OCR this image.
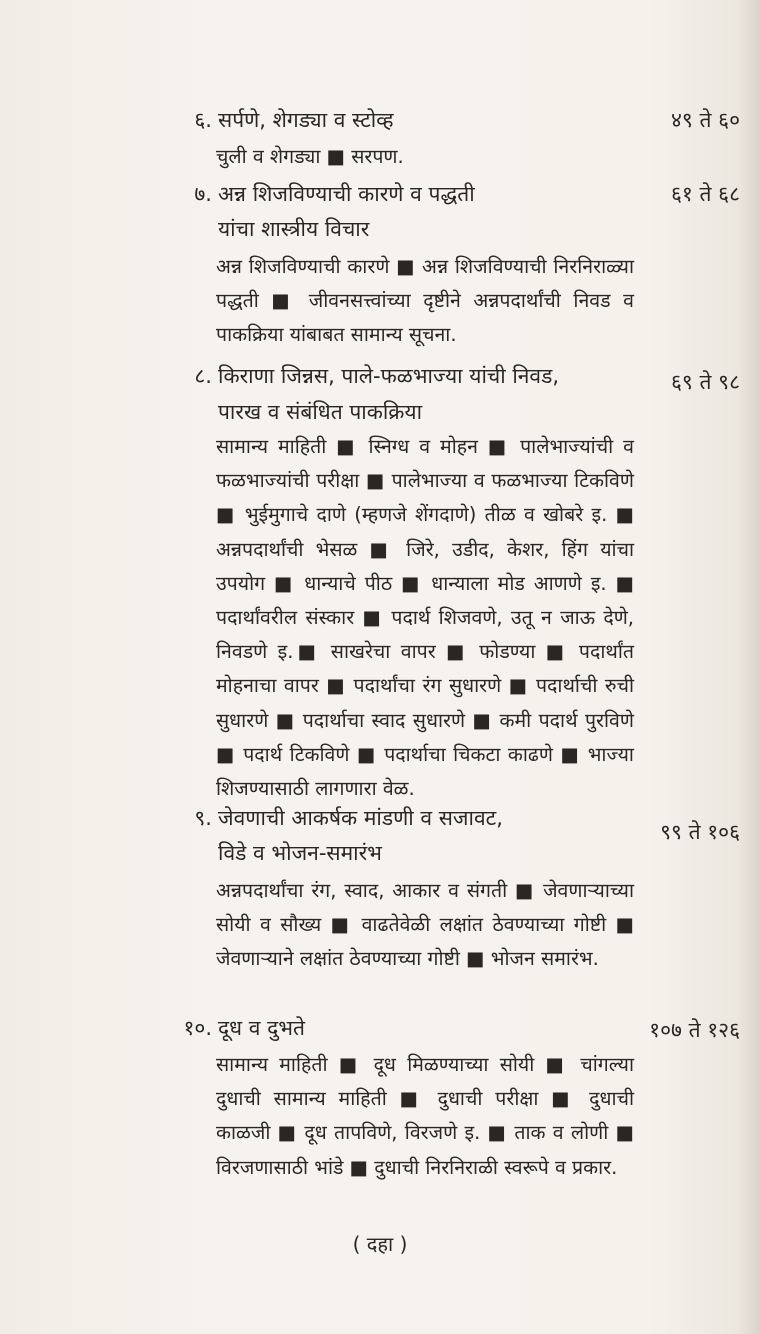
६. सर्पणे, शेगड्या व स्टोव्ह	४९ ते ६०
चुली व शेगड्या ■ सरपण.
७. अन्न शिजविण्याची कारणे व पद्धती
यांचा शास्त्रीय विचार
६१ ते ६८
अन्न शिजविण्याची कारणे ■ अन्न शिजविण्याची निरनिराळ्या पद्धती ■ जीवनसत्त्वांच्या दृष्टीने अन्नपदार्थांची निवड व पाकक्रिया यांबाबत सामान्य सूचना.
८. किराणा जिन्नस, पाले-फळभाज्या यांची निवड,
पारख व संबंधित पाकक्रिया
६९ ते ९८
सामान्य माहिती ■ स्निग्ध व मोहन ■ पालेभाज्यांची व फळभाज्यांची परीक्षा ■ पालेभाज्या व फळभाज्या टिकविणे ■ भुईमुगाचे दाणे (म्हणजे शेंगदाणे) तीळ व खोबरे इ. ■ अन्नपदार्थांची भेसळ ■ जिरे, उडीद, केशर, हिंग यांचा उपयोग ■ धान्याचे पीठ ■ धान्याला मोड आणणे इ. ■ पदार्थांवरील संस्कार ■ पदार्थ शिजवणे, उतू न जाऊ देणे, निवडणे इ.■ साखरेचा वापर ■ फोडण्या ■ पदार्थांत मोहनाचा वापर ■ पदार्थांचा रंग सुधारणे ■ पदार्थाची रुची सुधारणे ■ पदार्थाचा स्वाद सुधारणे ■ कमी पदार्थ पुरविणे ■ पदार्थ टिकविणे ■ पदार्थाचा चिकटा काढणे ■ भाज्या शिजण्यासाठी लागणारा वेळ.
९. जेवणाची आकर्षक मांडणी व सजावट,
विडे व भोजन-समारंभ
९९ ते १०६
अन्नपदार्थांचा रंग, स्वाद, आकार व संगती ■ जेवणाऱ्याच्या सोयी व सौख्य ■ वाढतेवेळी लक्षांत ठेवण्याच्या गोष्टी ■ जेवणाऱ्याने लक्षांत ठेवण्याच्या गोष्टी ■ भोजन समारंभ.
१०. दूध व दुभते	१०७ ते १२६
सामान्य माहिती ■ दूध मिळण्याच्या सोयी ■ चांगल्या दुधाची सामान्य माहिती ■ दुधाची परीक्षा ■ दुधाची काळजी ■ दूध तापविणे, विरजणे इ. ■ ताक व लोणी ■ विरजणासाठी भांडे ■ दुधाची निरनिराळी स्वरूपे व प्रकार.
( दहा )
